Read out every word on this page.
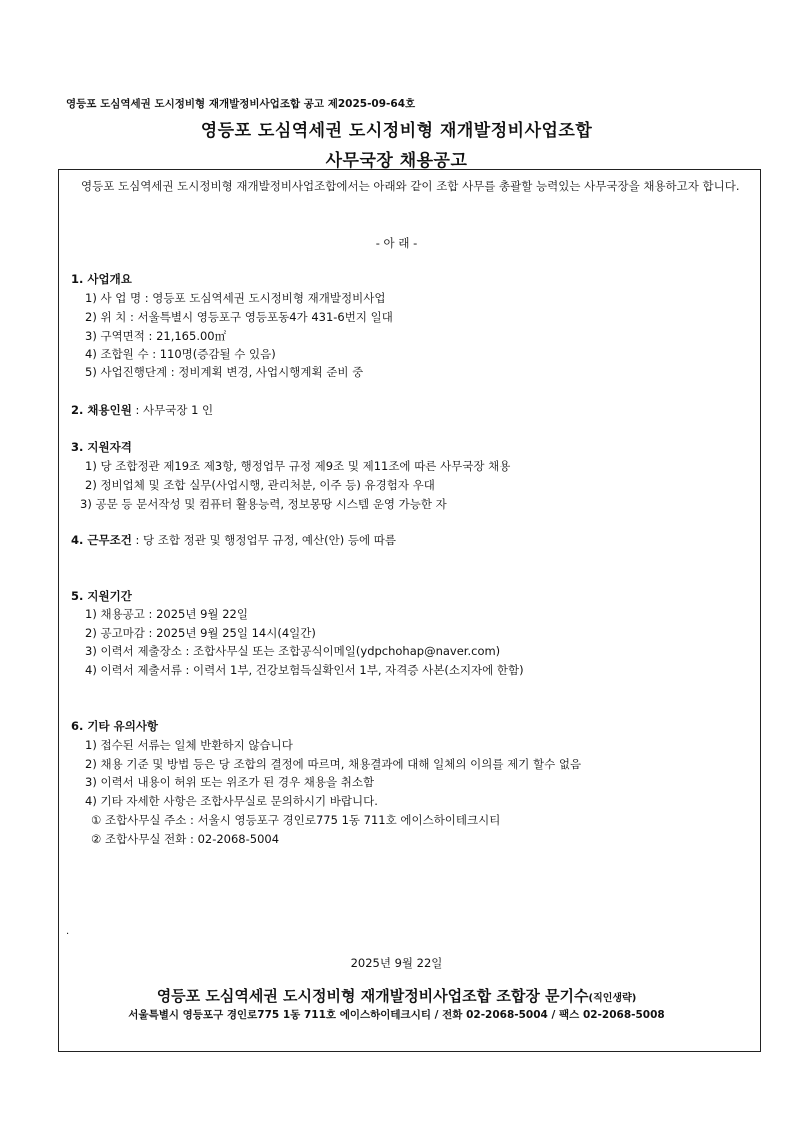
영등포 도심역세권 도시정비형 재개발정비사업조합 공고 제2025-09-64호
영등포 도심역세권 도시정비형 재개발정비사업조합
사무국장 채용공고
영등포 도심역세권 도시정비형 재개발정비사업조합에서는 아래와 같이 조합 사무를 총괄할 능력있는 사무국장을 채용하고자 합니다.
- 아 래 -
1. 사업개요
1) 사 업 명 : 영등포 도심역세권 도시정비형 재개발정비사업
2) 위 치 : 서울특별시 영등포구 영등포동4가 431-6번지 일대
3) 구역면적 : 21,165.00㎡
4) 조합원 수 : 110명(증감될 수 있음)
5) 사업진행단계 : 정비계획 변경, 사업시행계획 준비 중
2. 채용인원 : 사무국장 1 인
3. 지원자격
1) 당 조합정관 제19조 제3항, 행정업무 규정 제9조 및 제11조에 따른 사무국장 채용
2) 정비업체 및 조합 실무(사업시행, 관리처분, 이주 등) 유경험자 우대
3) 공문 등 문서작성 및 컴퓨터 활용능력, 정보몽땅 시스템 운영 가능한 자
4. 근무조건 : 당 조합 정관 및 행정업무 규정, 예산(안) 등에 따름
5. 지원기간
1) 채용공고 : 2025년 9월 22일
2) 공고마감 : 2025년 9월 25일 14시(4일간)
3) 이력서 제출장소 : 조합사무실 또는 조합공식이메일(ydpchohap@naver.com)
4) 이력서 제출서류 : 이력서 1부, 건강보험득실확인서 1부, 자격증 사본(소지자에 한함)
6. 기타 유의사항
1) 접수된 서류는 일체 반환하지 않습니다
2) 채용 기준 및 방법 등은 당 조합의 결정에 따르며, 채용결과에 대해 일체의 이의를 제기 할수 없음
3) 이력서 내용이 허위 또는 위조가 된 경우 채용을 취소함
4) 기타 자세한 사항은 조합사무실로 문의하시기 바랍니다.
① 조합사무실 주소 : 서울시 영등포구 경인로775 1동 711호 에이스하이테크시티
② 조합사무실 전화 : 02-2068-5004
.
2025년 9월 22일
영등포 도심역세권 도시정비형 재개발정비사업조합 조합장 문기수(직인생략)
서울특별시 영등포구 경인로775 1동 711호 에이스하이테크시티 / 전화 02-2068-5004 / 팩스 02-2068-5008
